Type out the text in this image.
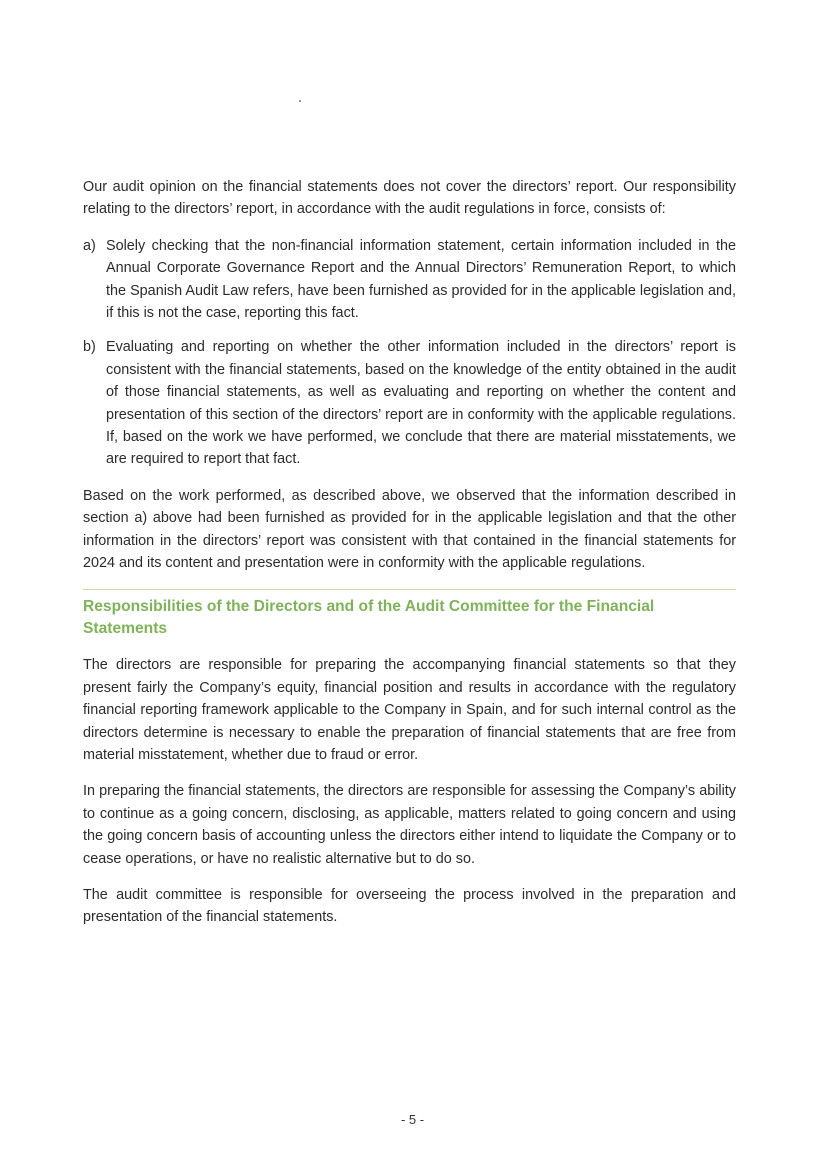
Our audit opinion on the financial statements does not cover the directors’ report. Our responsibility relating to the directors’ report, in accordance with the audit regulations in force, consists of:

a) Solely checking that the non-financial information statement, certain information included in the Annual Corporate Governance Report and the Annual Directors’ Remuneration Report, to which the Spanish Audit Law refers, have been furnished as provided for in the applicable legislation and, if this is not the case, reporting this fact.
b) Evaluating and reporting on whether the other information included in the directors’ report is consistent with the financial statements, based on the knowledge of the entity obtained in the audit of those financial statements, as well as evaluating and reporting on whether the content and presentation of this section of the directors’ report are in conformity with the applicable regulations. If, based on the work we have performed, we conclude that there are material misstatements, we are required to report that fact.

Based on the work performed, as described above, we observed that the information described in section a) above had been furnished as provided for in the applicable legislation and that the other information in the directors’ report was consistent with that contained in the financial statements for 2024 and its content and presentation were in conformity with the applicable regulations.

Responsibilities of the Directors and of the Audit Committee for the Financial Statements

The directors are responsible for preparing the accompanying financial statements so that they present fairly the Company’s equity, financial position and results in accordance with the regulatory financial reporting framework applicable to the Company in Spain, and for such internal control as the directors determine is necessary to enable the preparation of financial statements that are free from material misstatement, whether due to fraud or error.

In preparing the financial statements, the directors are responsible for assessing the Company’s ability to continue as a going concern, disclosing, as applicable, matters related to going concern and using the going concern basis of accounting unless the directors either intend to liquidate the Company or to cease operations, or have no realistic alternative but to do so.

The audit committee is responsible for overseeing the process involved in the preparation and presentation of the financial statements.

- 5 -
